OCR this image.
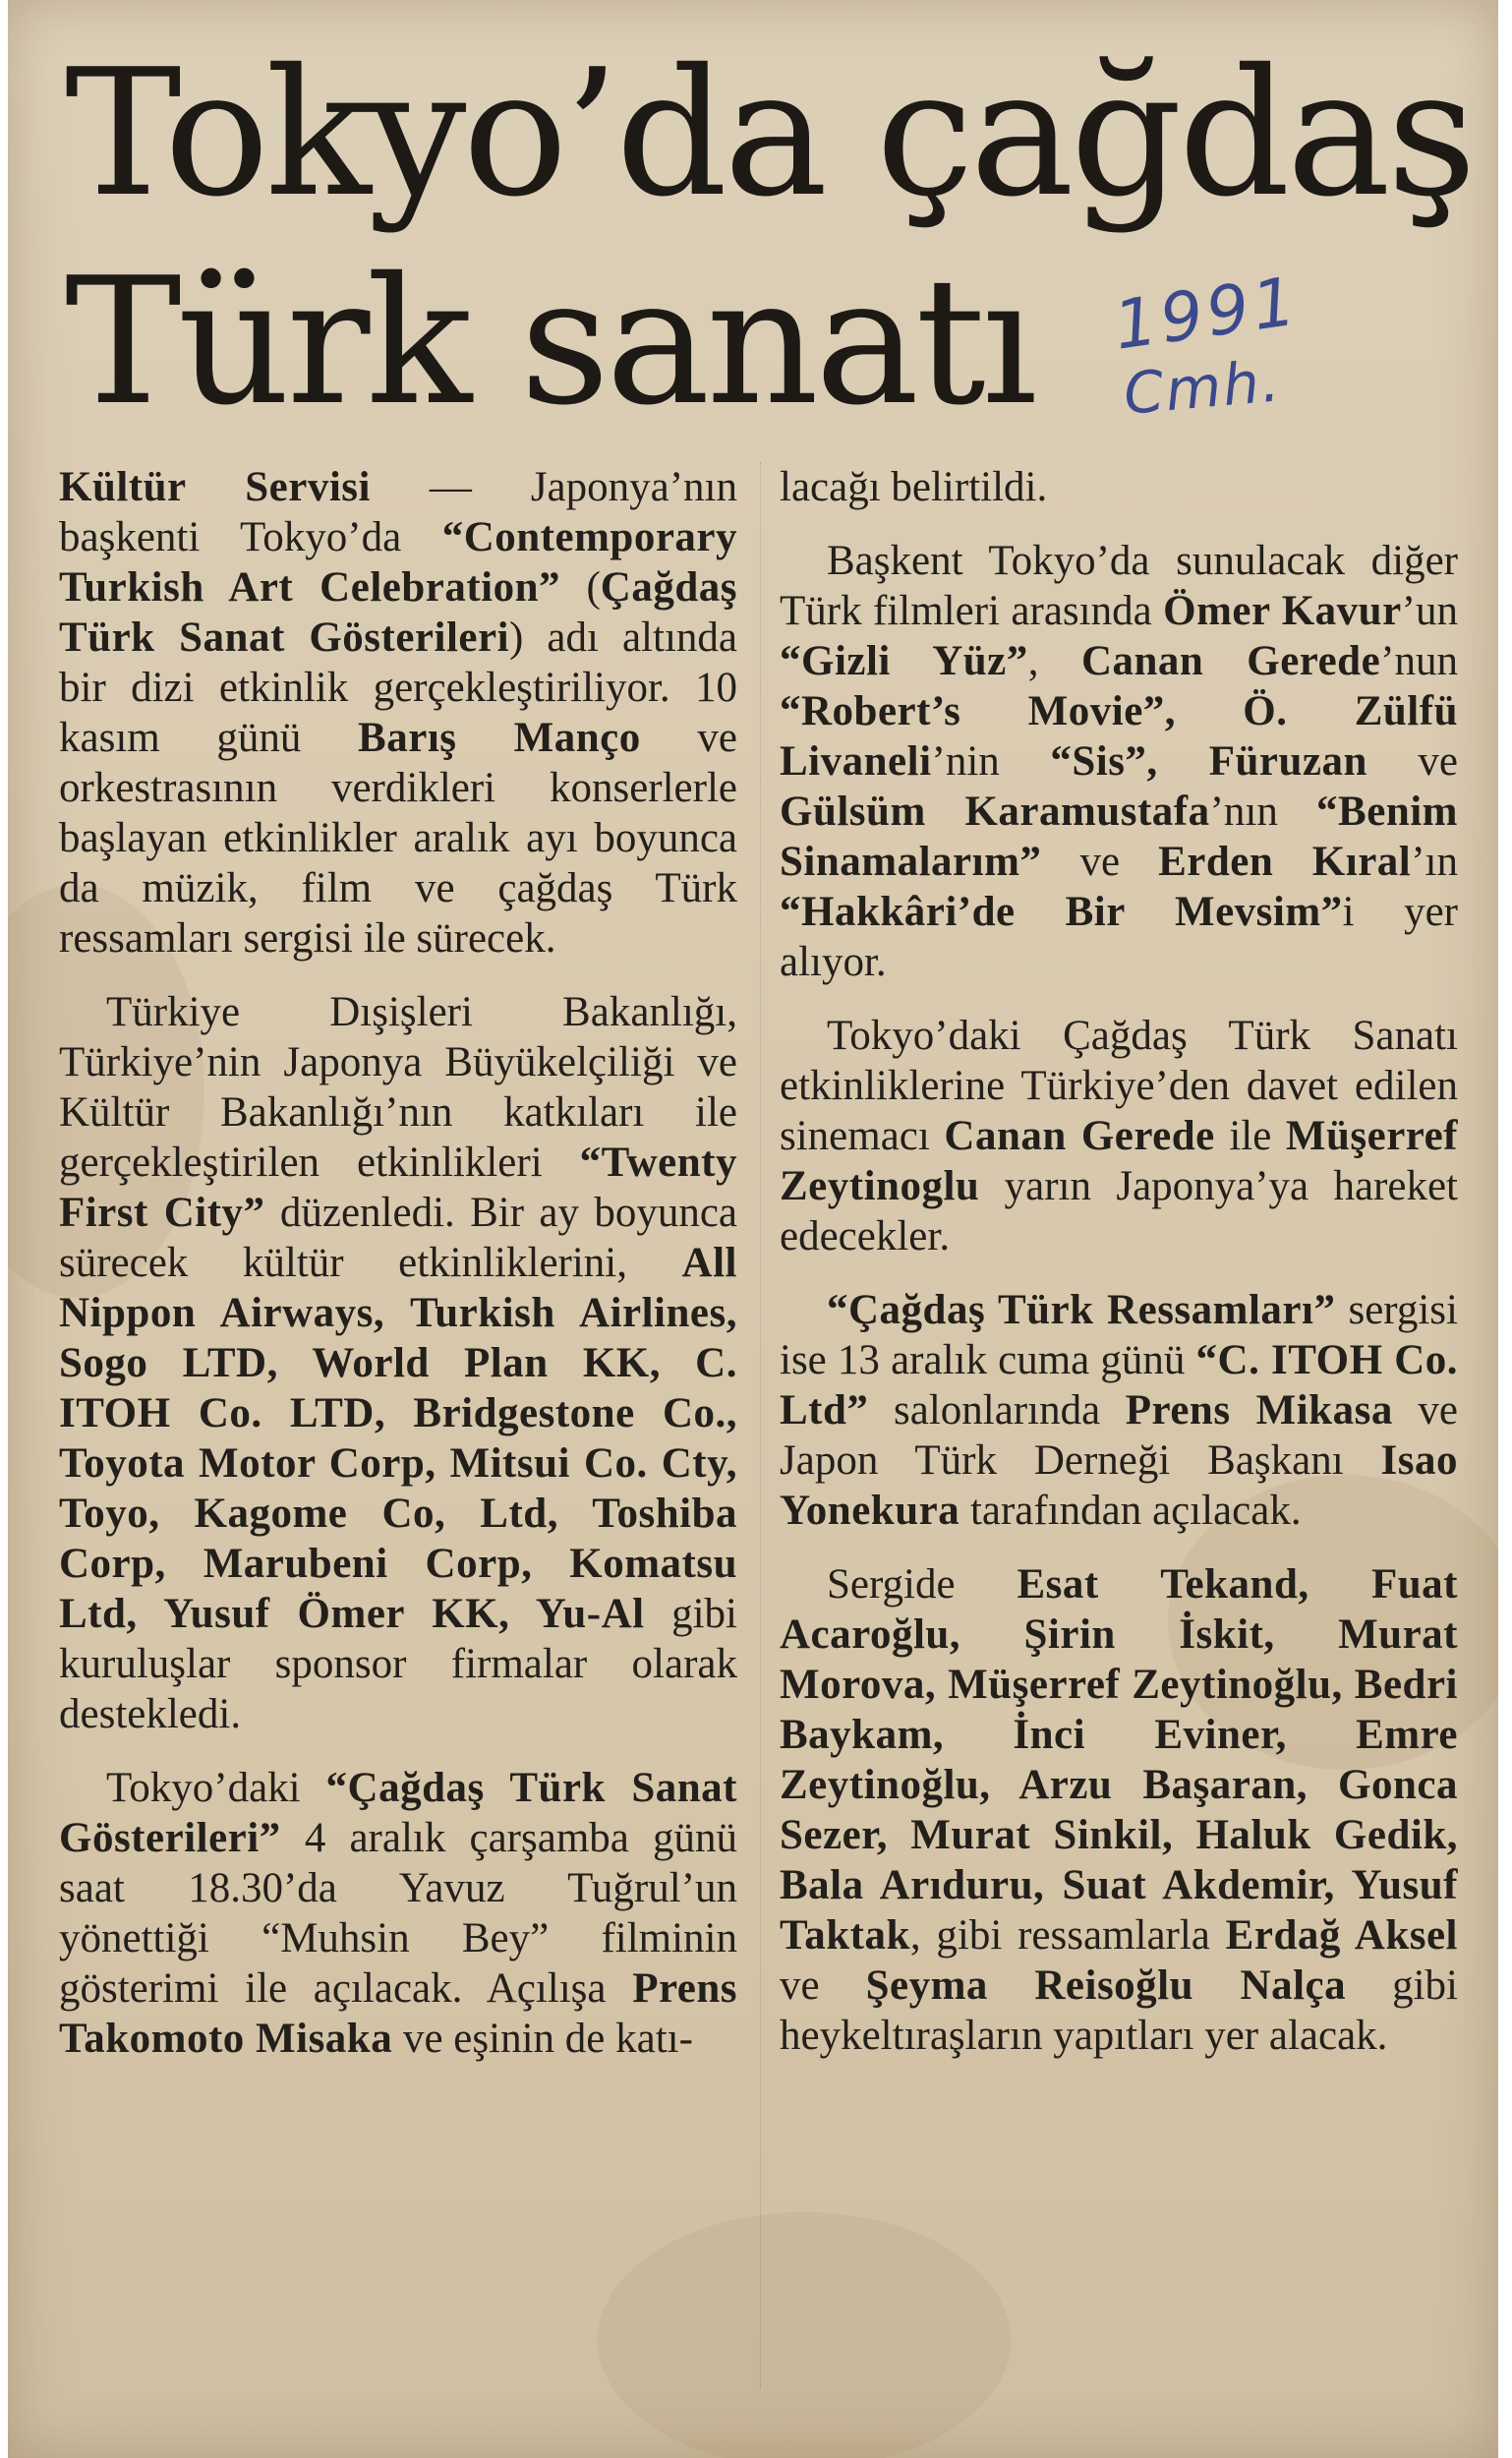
Tokyo’da çağdaş
Türk sanatı	1991
Cmh.

Kültür Servisi — Japonya’nın başkenti Tokyo’da “Contemporary Turkish Art Celebration” (Çağdaş Türk Sanat Gösterileri) adı altında bir dizi etkinlik gerçekleştiriliyor. 10 kasım günü Barış Manço ve orkestrasının verdikleri konserlerle başlayan etkinlikler aralık ayı boyunca da müzik, film ve çağdaş Türk ressamları sergisi ile sürecek.

Türkiye Dışişleri Bakanlığı, Türkiye’nin Japonya Büyükelçiliği ve Kültür Bakanlığı’nın katkıları ile gerçekleştirilen etkinlikleri “Twenty First City” düzenledi. Bir ay boyunca sürecek kültür etkinliklerini, All Nippon Airways, Turkish Airlines, Sogo LTD, World Plan KK, C. ITOH Co. LTD, Bridgestone Co., Toyota Motor Corp, Mitsui Co. Cty, Toyo, Kagome Co, Ltd, Toshiba Corp, Marubeni Corp, Komatsu Ltd, Yusuf Ömer KK, Yu-Al gibi kuruluşlar sponsor firmalar olarak destekledi.

Tokyo’daki “Çağdaş Türk Sanat Gösterileri” 4 aralık çarşamba günü saat 18.30’da Yavuz Tuğrul’un yönettiği “Muhsin Bey” filminin gösterimi ile açılacak. Açılışa Prens Takomoto Misaka ve eşinin de katı-

lacağı belirtildi.

Başkent Tokyo’da sunulacak diğer Türk filmleri arasında Ömer Kavur’un “Gizli Yüz”, Canan Gerede’nun “Robert’s Movie”, Ö. Zülfü Livaneli’nin “Sis”, Füruzan ve Gülsüm Karamustafa’nın “Benim Sinamalarım” ve Erden Kıral’ın “Hakkâri’de Bir Mevsim”i yer alıyor.

Tokyo’daki Çağdaş Türk Sanatı etkinliklerine Türkiye’den davet edilen sinemacı Canan Gerede ile Müşerref Zeytinoglu yarın Japonya’ya hareket edecekler.

“Çağdaş Türk Ressamları” sergisi ise 13 aralık cuma günü “C. ITOH Co. Ltd” salonlarında Prens Mikasa ve Japon Türk Derneği Başkanı Isao Yonekura tarafından açılacak.

Sergide Esat Tekand, Fuat Acaroğlu, Şirin İskit, Murat Morova, Müşerref Zeytinoğlu, Bedri Baykam, İnci Eviner, Emre Zeytinoğlu, Arzu Başaran, Gonca Sezer, Murat Sinkil, Haluk Gedik, Bala Arıduru, Suat Akdemir, Yusuf Taktak, gibi ressamlarla Erdağ Aksel ve Şeyma Reisoğlu Nalça gibi heykeltıraşların yapıtları yer alacak.
